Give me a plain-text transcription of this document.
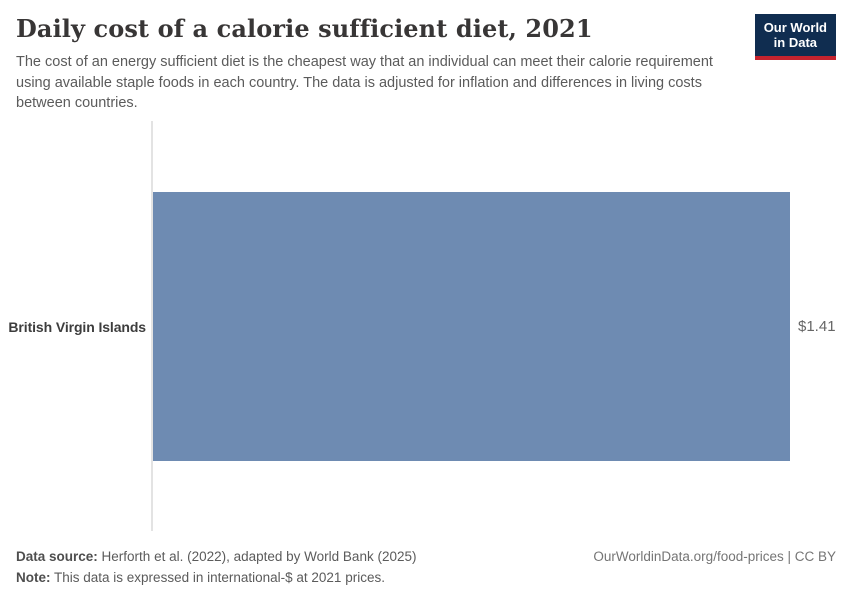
Daily cost of a calorie sufficient diet, 2021

The cost of an energy sufficient diet is the cheapest way that an individual can meet their calorie requirement using available staple foods in each country. The data is adjusted for inflation and differences in living costs between countries.

Our World
in Data
British Virgin Islands	$1.41
Data source: Herforth et al. (2022), adapted by World Bank (2025)
Note: This data is expressed in international-$ at 2021 prices.
OurWorldinData.org/food-prices | CC BY
